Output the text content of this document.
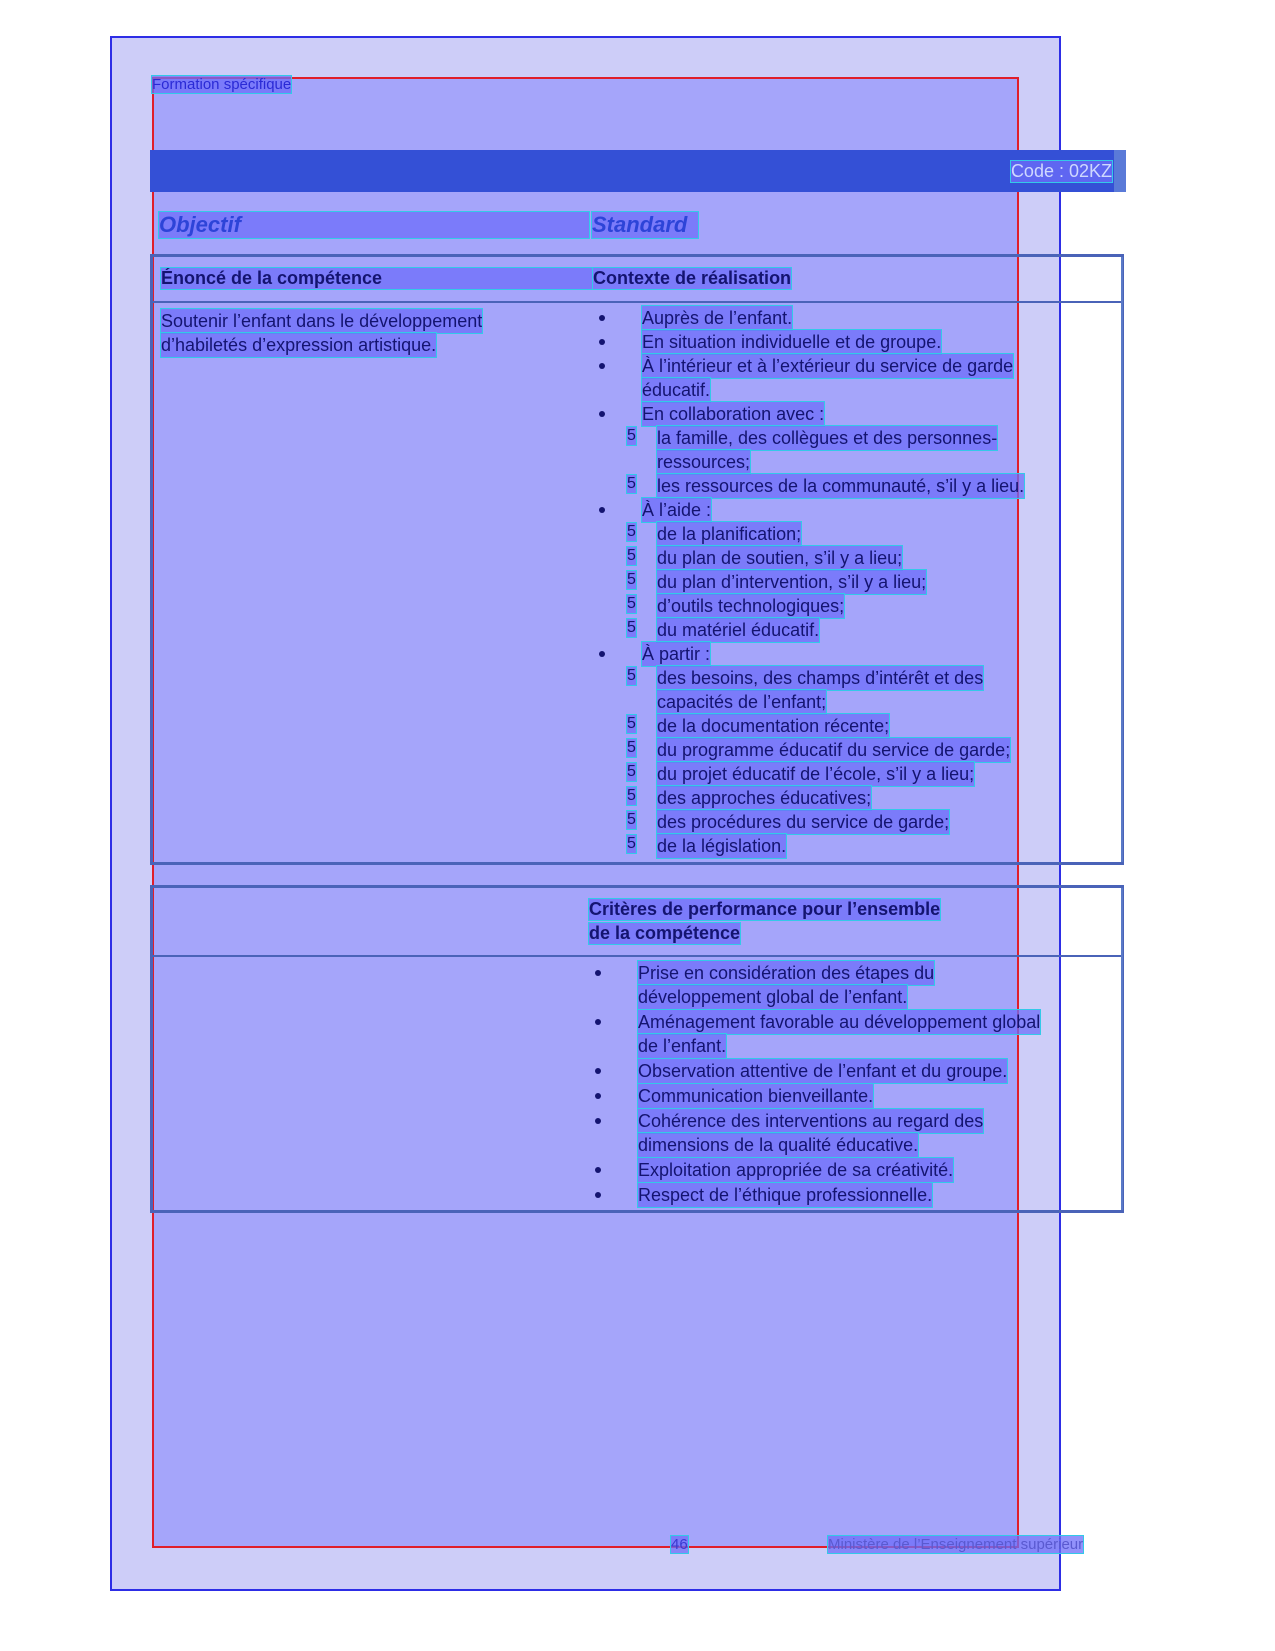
Formation spécifique
Code : 02KZ
Objectif	Standard
Énoncé de la compétence	Contexte de réalisation
Soutenir l’enfant dans le développement
d’habiletés d’expression artistique.
Auprès de l’enfant.
En situation individuelle et de groupe.
À l’intérieur et à l’extérieur du service de garde
éducatif.
En collaboration avec :
5 la famille, des collègues et des personnes-
ressources;
5 les ressources de la communauté, s’il y a lieu.
À l’aide :
5 de la planification;
5 du plan de soutien, s’il y a lieu;
5 du plan d’intervention, s’il y a lieu;
5 d’outils technologiques;
5 du matériel éducatif.
À partir :
5 des besoins, des champs d’intérêt et des
capacités de l’enfant;
5 de la documentation récente;
5 du programme éducatif du service de garde;
5 du projet éducatif de l’école, s’il y a lieu;
5 des approches éducatives;
5 des procédures du service de garde;
5 de la législation.
Critères de performance pour l’ensemble
de la compétence
Prise en considération des étapes du
développement global de l’enfant.
Aménagement favorable au développement global
de l’enfant.
Observation attentive de l’enfant et du groupe.
Communication bienveillante.
Cohérence des interventions au regard des
dimensions de la qualité éducative.
Exploitation appropriée de sa créativité.
Respect de l’éthique professionnelle.
46	Ministère de l’Enseignement supérieur
